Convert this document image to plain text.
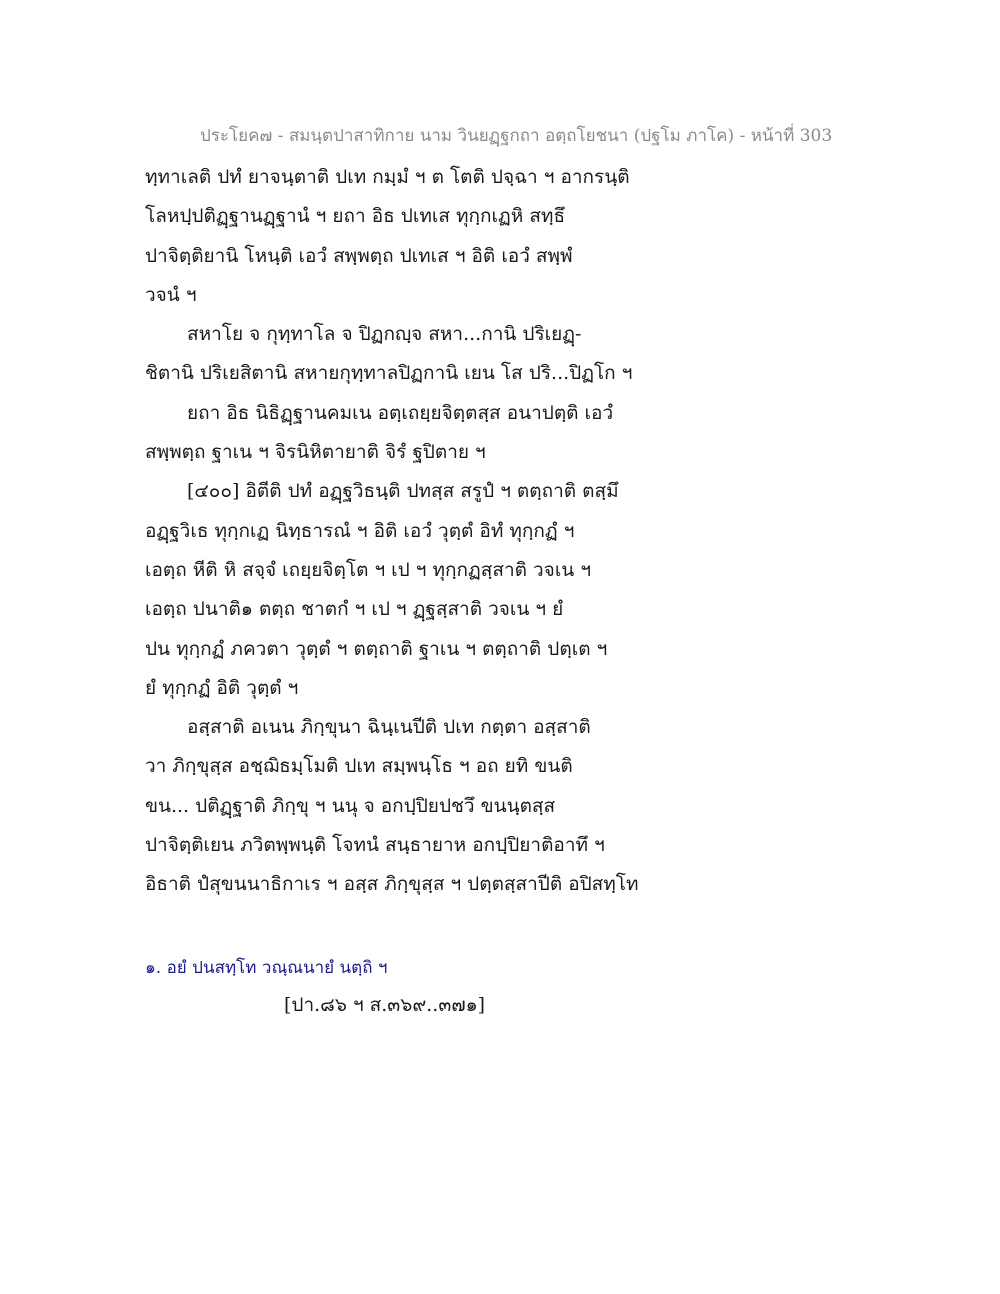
ประโยค๗ - สมนฺตปาสาทิกาย นาม วินยฏฺฐกถา อตฺถโยชนา (ปฐโม ภาโค) - หน้าที่ 303
ทฺทาเลติ ปทํ ยาจนฺตาติ ปเท กมฺมํ ฯ ต โตติ ปจฺฉา ฯ อากรนฺติ
โลหปฺปติฏฺฐานฏฺฐานํ ฯ ยถา อิธ ปเทเส ทุกฺกเฏหิ สทฺธึ
ปาจิตฺติยานิ โหนฺติ เอวํ สพฺพตฺถ ปเทเส ฯ อิติ เอวํ สพฺพํ
วจนํ ฯ
สหาโย จ กุทฺทาโล จ ปิฏกญฺจ สหา...กานิ ปริเยฏฺ-
ชิตานิ ปริเยสิตานิ สหายกุทฺทาลปิฏกานิ เยน โส ปริ...ปิฏโก ฯ
ยถา อิธ นิธิฏฺฐานคมเน อตฺเถยฺยจิตฺตสฺส อนาปตฺติ เอวํ
สพฺพตฺถ ฐาเน ฯ จิรนิหิตายาติ จิรํ ฐปิตาย ฯ
[๔๐๐] อิตีติ ปทํ อฏฺฐวิธนฺติ ปทสฺส สรูปํ ฯ ตตฺถาติ ตสฺมึ
อฏฺฐวิเธ ทุกฺกเฏ นิทฺธารณํ ฯ อิติ เอวํ วุตฺตํ อิทํ ทุกฺกฏํ ฯ
เอตฺถ หีติ หิ สจฺจํ เถยฺยจิตฺโต ฯ เป ฯ ทุกฺกฏสฺสาติ วจเน ฯ
เอตฺถ ปนาติ๑ ตตฺถ ชาตกํ ฯ เป ฯ ฏฺฐสฺสาติ วจเน ฯ ยํ
ปน ทุกฺกฏํ ภควตา วุตฺตํ ฯ ตตฺถาติ ฐาเน ฯ ตตฺถาติ ปตฺเต ฯ
ยํ ทุกฺกฏํ อิติ วุตฺตํ ฯ
อสฺสาติ อเนน ภิกฺขุนา ฉินฺเนปีติ ปเท กตฺตา อสฺสาติ
วา ภิกฺขุสฺส อชฺฌิธมฺโมติ ปเท สมฺพนฺโธ ฯ อถ ยทิ ขนติ
ขน... ปติฏฺฐาติ ภิกฺขุ ฯ นนุ จ อกปฺปิยปชวึ ขนนฺตสฺส
ปาจิตฺติเยน ภวิตพฺพนฺติ โจทนํ สนฺธายาห อกปฺปิยาติอาทึ ฯ
อิธาติ ปํสุขนนาธิกาเร ฯ อสฺส ภิกฺขุสฺส ฯ ปตฺตสฺสาปีติ อปิสทฺโท
๑. อยํ ปนสทฺโท วณฺณนายํ นตฺถิ ฯ
[ปา.๘๖ ฯ ส.๓๖๙..๓๗๑]
